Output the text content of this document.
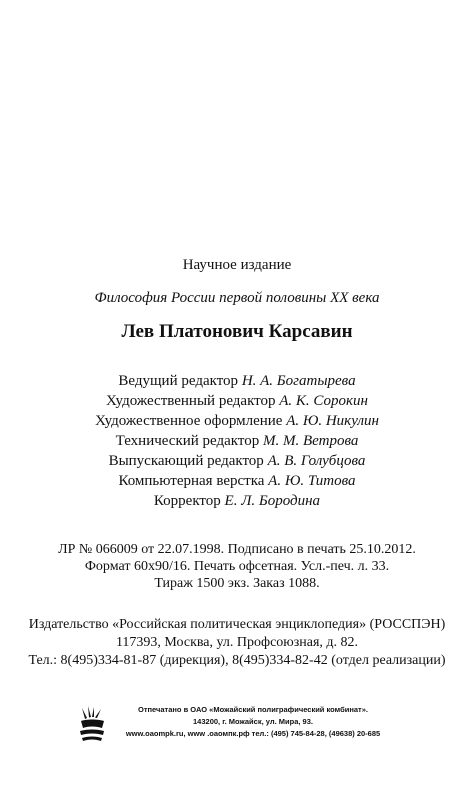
Научное издание
Философия России первой половины XX века
Лев Платонович Карсавин
Ведущий редактор Н. А. Богатырева
Художественный редактор А. К. Сорокин
Художественное оформление А. Ю. Никулин
Технический редактор М. М. Ветрова
Выпускающий редактор А. В. Голубцова
Компьютерная верстка А. Ю. Титова
Корректор Е. Л. Бородина
ЛР № 066009 от 22.07.1998. Подписано в печать 25.10.2012.
Формат 60х90/16. Печать офсетная. Усл.-печ. л. 33.
Тираж 1500 экз. Заказ 1088.
Издательство «Российская политическая энциклопедия» (РОССПЭН)
117393, Москва, ул. Профсоюзная, д. 82.
Тел.: 8(495)334-81-87 (дирекция), 8(495)334-82-42 (отдел реализации)
Отпечатано в ОАО «Можайский полиграфический комбинат».
143200, г. Можайск, ул. Мира, 93.
www.oaompk.ru, www .оаомпк.рф тел.: (495) 745-84-28, (49638) 20-685
